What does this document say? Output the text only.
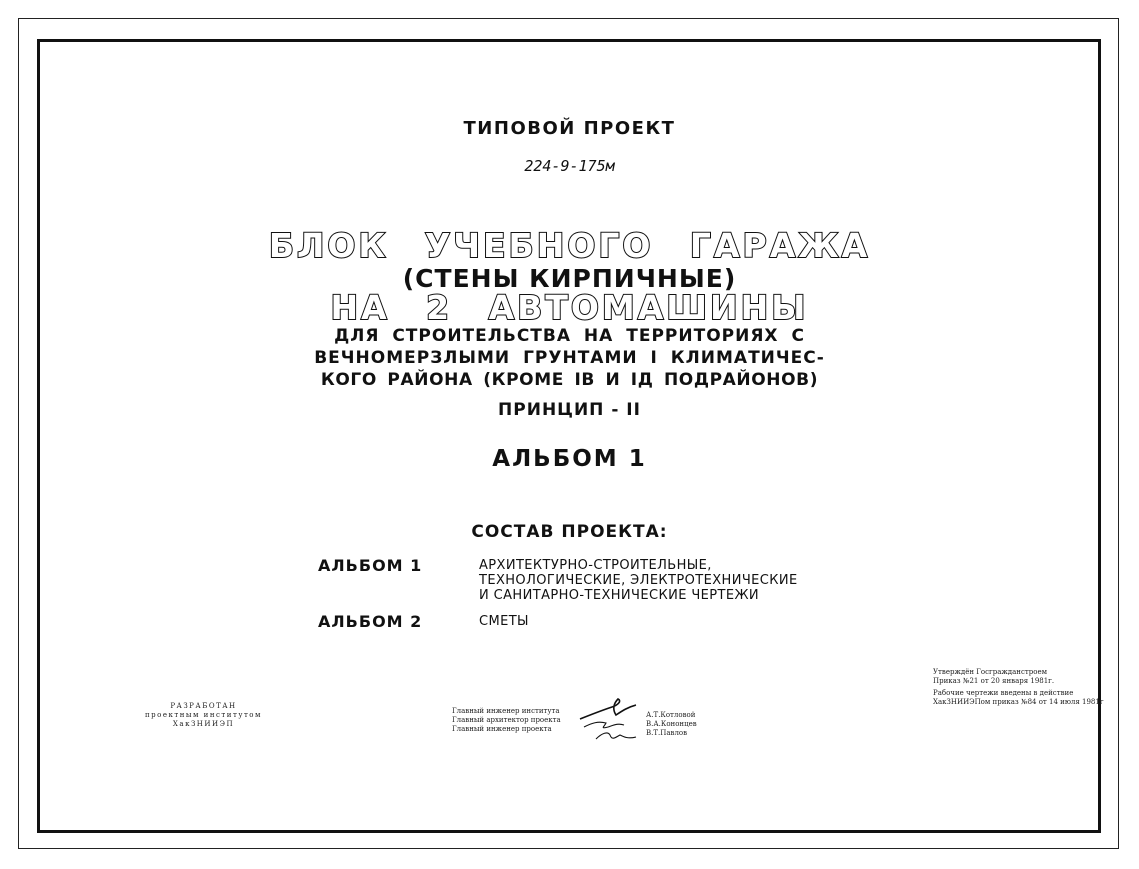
ТИПОВОЙ ПРОЕКТ
224-9-175м
БЛОК УЧЕБНОГО ГАРАЖА
(СТЕНЫ КИРПИЧНЫЕ)
НА 2 АВТОМАШИНЫ
ДЛЯ СТРОИТЕЛЬСТВА НА ТЕРРИТОРИЯХ С
ВЕЧНОМЕРЗЛЫМИ ГРУНТАМИ I КЛИМАТИЧЕС-
КОГО РАЙОНА (КРОМЕ IВ И IД ПОДРАЙОНОВ)
ПРИНЦИП - II
АЛЬБОМ 1
СОСТАВ ПРОЕКТА:
АЛЬБОМ 1	АРХИТЕКТУРНО-СТРОИТЕЛЬНЫЕ,
ТЕХНОЛОГИЧЕСКИЕ, ЭЛЕКТРОТЕХНИЧЕСКИЕ
И САНИТАРНО-ТЕХНИЧЕСКИЕ ЧЕРТЕЖИ
АЛЬБОМ 2	СМЕТЫ
РАЗРАБОТАН
проектным институтом
ХакЗНИИЭП
Главный инженер института
Главный архитектор проекта
Главный инженер проекта
А.Т.Котловой
В.А.Кононцев
В.Т.Павлов
Утверждён Госгражданстроем
Приказ №21 от 20 января 1981г.
Рабочие чертежи введены в действие
ХакЗНИИЭПом приказ №84 от 14 июля 1981г
